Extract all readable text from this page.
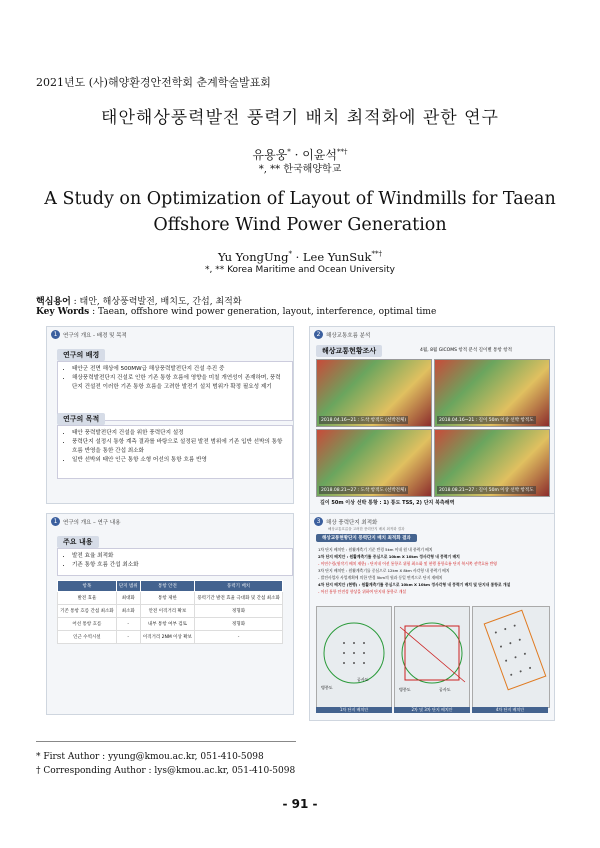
2021년도 (사)해양환경안전학회 춘계학술발표회
태안해상풍력발전 풍력기 배치 최적화에 관한 연구
유용웅* · 이윤석**†
*, ** 한국해양학교
A Study on Optimization of Layout of Windmills for Taean Offshore Wind Power Generation
Yu YongUng* · Lee YunSuk**†
*, ** Korea Maritime and Ocean University
핵심용어 : 태안, 해상풍력발전, 배치도, 간섭, 최적화
Key Words : Taean, offshore wind power generation, layout, interference, optimal time
1	연구의 개요 - 배경 및 목적
연구의 배경
• 태안군 전면 해상에 500MW급 해상풍력발전단지 건설 추진 중
• 해상풍력발전단지 건설로 인한 기존 통항 흐름에 영향을 미칠 개연성이 존재하며, 풍력단지 건설전 이러한 기존 통항 흐름을 고려한 발전기 설치 범위가 확정 필요성 제기
연구의 목적
• 태안 풍력발전단지 건설을 위한 풍력단지 설정
• 풍력단지 설정시 통항 계측 결과를 바탕으로 설정된 발전 범위에 기존 입반 선박의 통항 흐름 반영을 통한 간섭 최소화
• 일반 선박외 태안 인근 통항 소형 어선의 통항 흐름 반영
2	해상교통흐름 분석
해상교통현황조사	4월, 8월 GICOMS 항적 분석 길이별 통항 항적
2018.04.16~21 : 도착 항적도 (선박전체)	2018.04.16~21 : 길이 50m 이상 선박 항적도
2018.08.21~27 : 도착 항적도 (선박전체)	2018.08.21~27 : 길이 50m 이상 선박 항적도
길이 50m 이상 선박 통항 : 1) 통도 TSS, 2) 단지 북측해역
1	연구의 개요 – 연구 내용
주요 내용
• 발전 효율 최적화
• 기존 통항 흐름 간섭 최소화
항목	단지 범위	통항 안전	풍력기 배치
발전 효율	최대화	통항 제한	풍력기간 발전 효율 극대화 및 간섭 최소화
기존 통항 흐름 간섭 최소화	최소화	안전 이격거리 확보	정형화
어선 통항 흐름	-	내부 통항 여부 검토	정형화
인근 수역시설	-	이격거리 2NM 이상 확보	-
3	해상 풍력단지 최적화
해상교통흐름을 고려한 풍력단지 배치 최적화 결과
해상교통현황단지 풍력단지 배치 최적화 결과
1차 단지 배치안 : 원활계측기 기준 반경 5km 이내 원 내 풍력기 배치
2차 단지 배치안 : 원활계측기를 중심으로 10km X 10km 정사각형 내 풍력기 배치
- 이연수림(원작기 배치 제한) : 단지내 어선 통항로 위험 최소화 및 현행 통항흐름 단지 북서쪽 선박흐름 반영
3차 단지 배치안 : 원활계측기를 중심으로 12km X 8km 사각형 내 풍력기 배치
- 발전사업자 사업계획에 의한 반경 5km의 원과 동일 면적으로 단지 재배치
4차 단지 배치안 (현행) : 원활계측기를 중심으로 10km X 10km 정사각형 내 풍력기 배치 및 단지내 통항로 개설
- 어선 통항 안전성 향상을 위하여 단지내 통항로 개설
병풍도
공사도
병풍도	공사도
1차 단지 배치안	2차 및 3차 단지 배치안	4차 단지 배치안
* First Author : yyung@kmou.ac.kr, 051-410-5098
† Corresponding Author : lys@kmou.ac.kr, 051-410-5098
- 91 -
